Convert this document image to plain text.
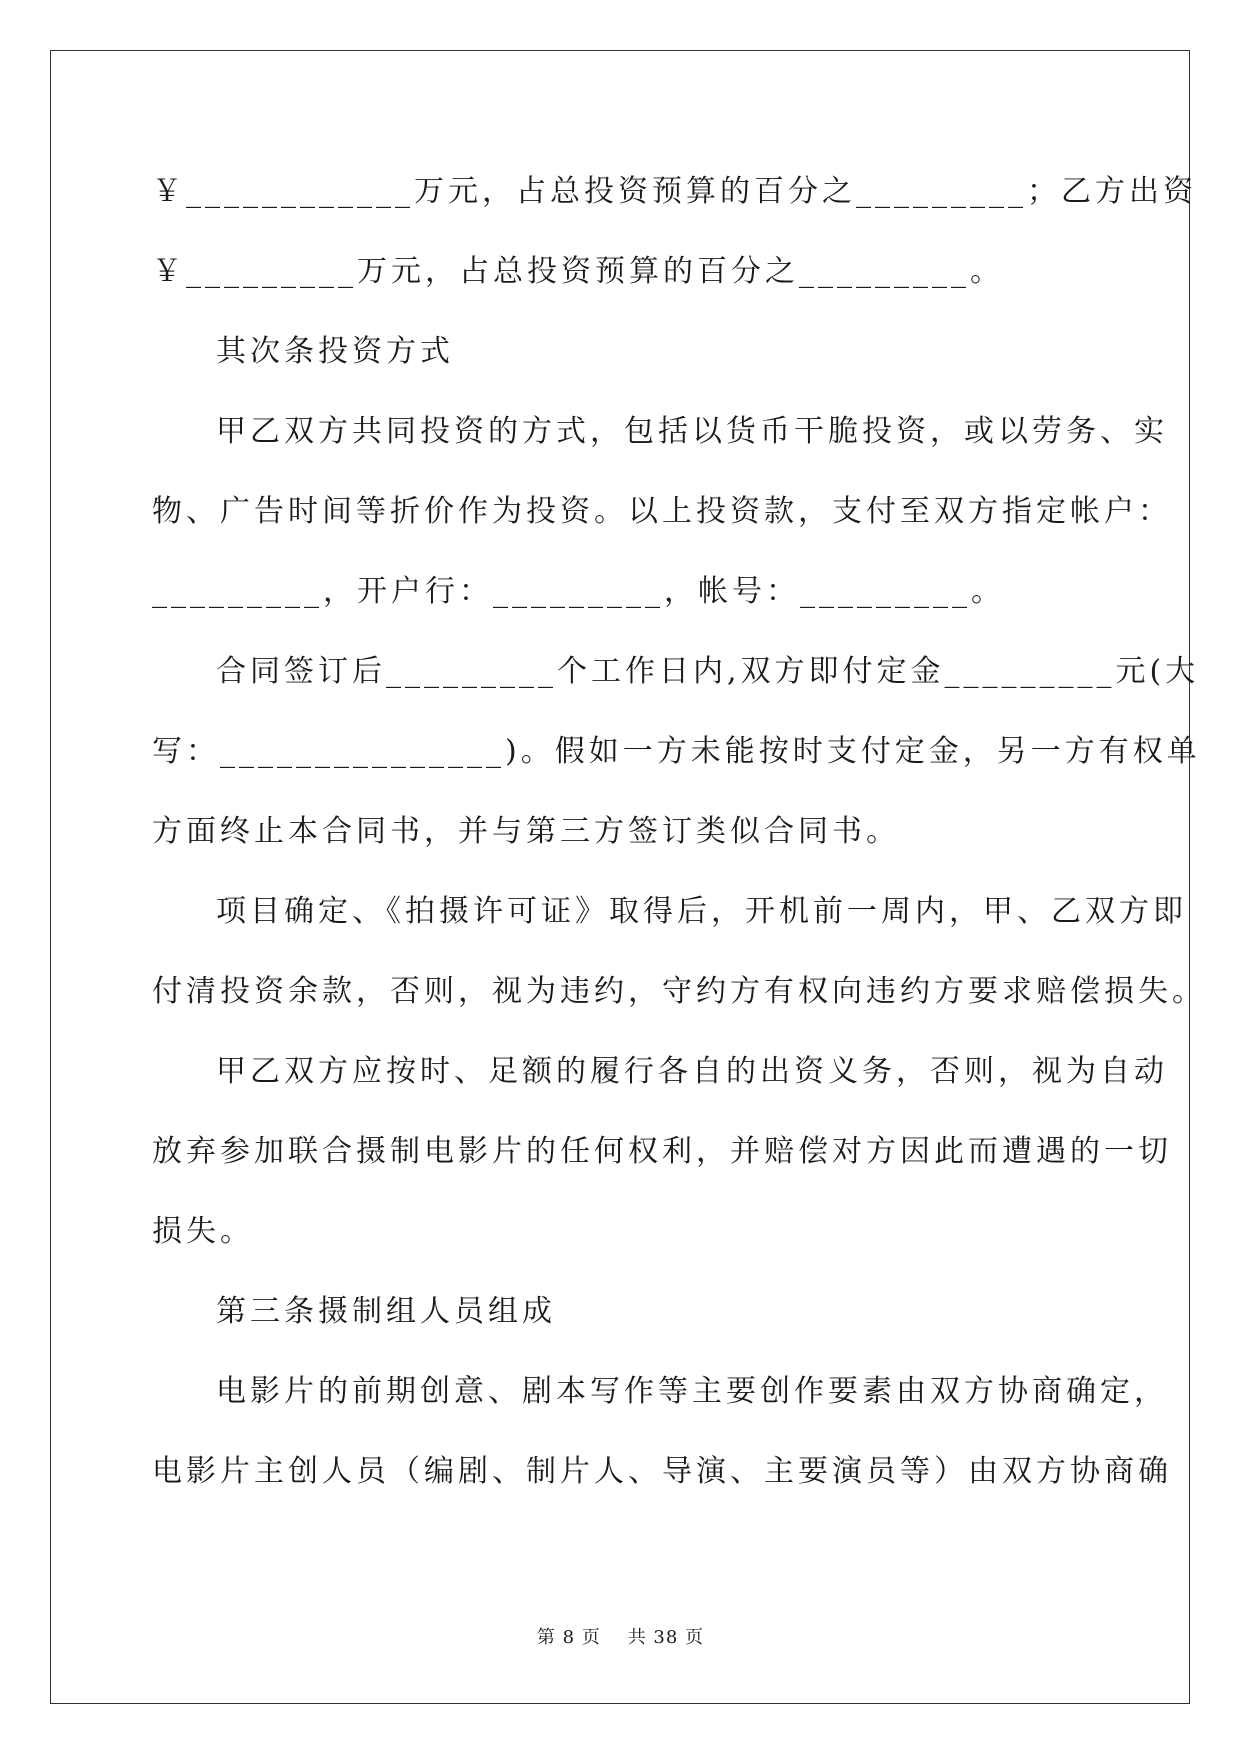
￥____________万元，占总投资预算的百分之_________；乙方出资
￥_________万元，占总投资预算的百分之_________。
其次条投资方式
甲乙双方共同投资的方式，包括以货币干脆投资，或以劳务、实
物、广告时间等折价作为投资。以上投资款，支付至双方指定帐户：
_________，开户行：_________，帐号：_________。
合同签订后_________个工作日内,双方即付定金_________元(大
写：_______________)。假如一方未能按时支付定金，另一方有权单
方面终止本合同书，并与第三方签订类似合同书。
项目确定、《拍摄许可证》取得后，开机前一周内，甲、乙双方即
付清投资余款，否则，视为违约，守约方有权向违约方要求赔偿损失。
甲乙双方应按时、足额的履行各自的出资义务，否则，视为自动
放弃参加联合摄制电影片的任何权利，并赔偿对方因此而遭遇的一切
损失。
第三条摄制组人员组成
电影片的前期创意、剧本写作等主要创作要素由双方协商确定，
电影片主创人员（编剧、制片人、导演、主要演员等）由双方协商确
第 8 页    共 38 页
